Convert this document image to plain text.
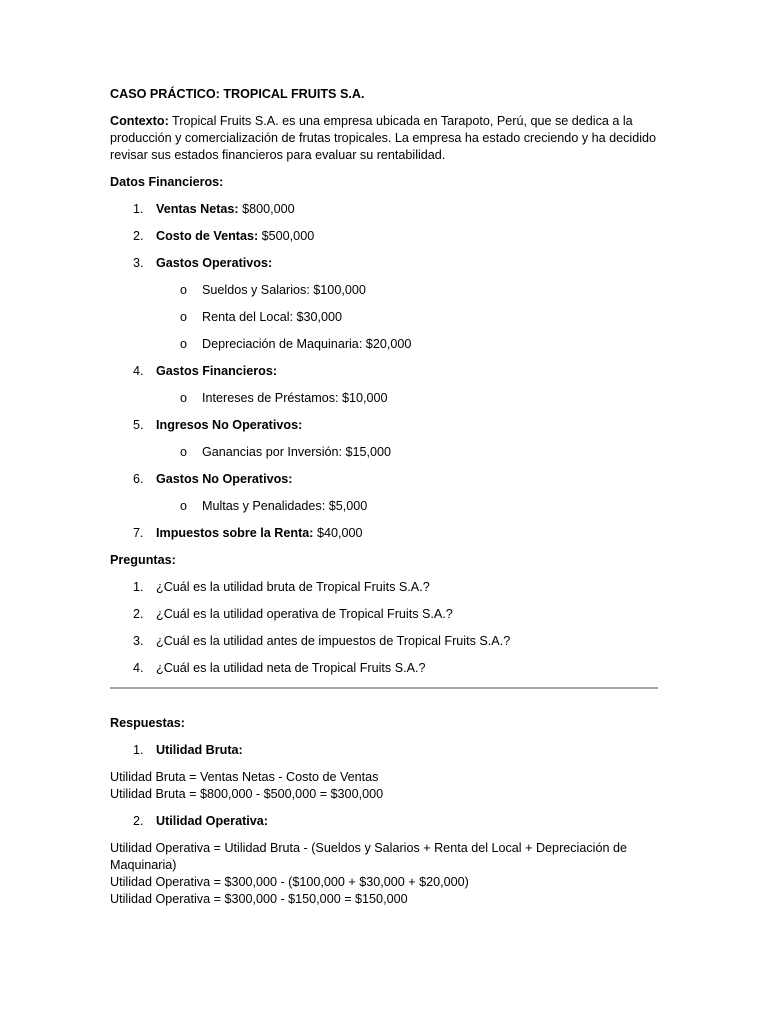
CASO PRÁCTICO: TROPICAL FRUITS S.A.

Contexto: Tropical Fruits S.A. es una empresa ubicada en Tarapoto, Perú, que se dedica a la producción y comercialización de frutas tropicales. La empresa ha estado creciendo y ha decidido revisar sus estados financieros para evaluar su rentabilidad.

Datos Financieros:

1. Ventas Netas: $800,000
2. Costo de Ventas: $500,000
3. Gastos Operativos:
o Sueldos y Salarios: $100,000
o Renta del Local: $30,000
o Depreciación de Maquinaria: $20,000
4. Gastos Financieros:
o Intereses de Préstamos: $10,000
5. Ingresos No Operativos:
o Ganancias por Inversión: $15,000
6. Gastos No Operativos:
o Multas y Penalidades: $5,000
7. Impuestos sobre la Renta: $40,000

Preguntas:

1. ¿Cuál es la utilidad bruta de Tropical Fruits S.A.?
2. ¿Cuál es la utilidad operativa de Tropical Fruits S.A.?
3. ¿Cuál es la utilidad antes de impuestos de Tropical Fruits S.A.?
4. ¿Cuál es la utilidad neta de Tropical Fruits S.A.?

Respuestas:

1. Utilidad Bruta:

Utilidad Bruta = Ventas Netas - Costo de Ventas
Utilidad Bruta = $800,000 - $500,000 = $300,000

2. Utilidad Operativa:

Utilidad Operativa = Utilidad Bruta - (Sueldos y Salarios + Renta del Local + Depreciación de Maquinaria)
Utilidad Operativa = $300,000 - ($100,000 + $30,000 + $20,000)
Utilidad Operativa = $300,000 - $150,000 = $150,000
